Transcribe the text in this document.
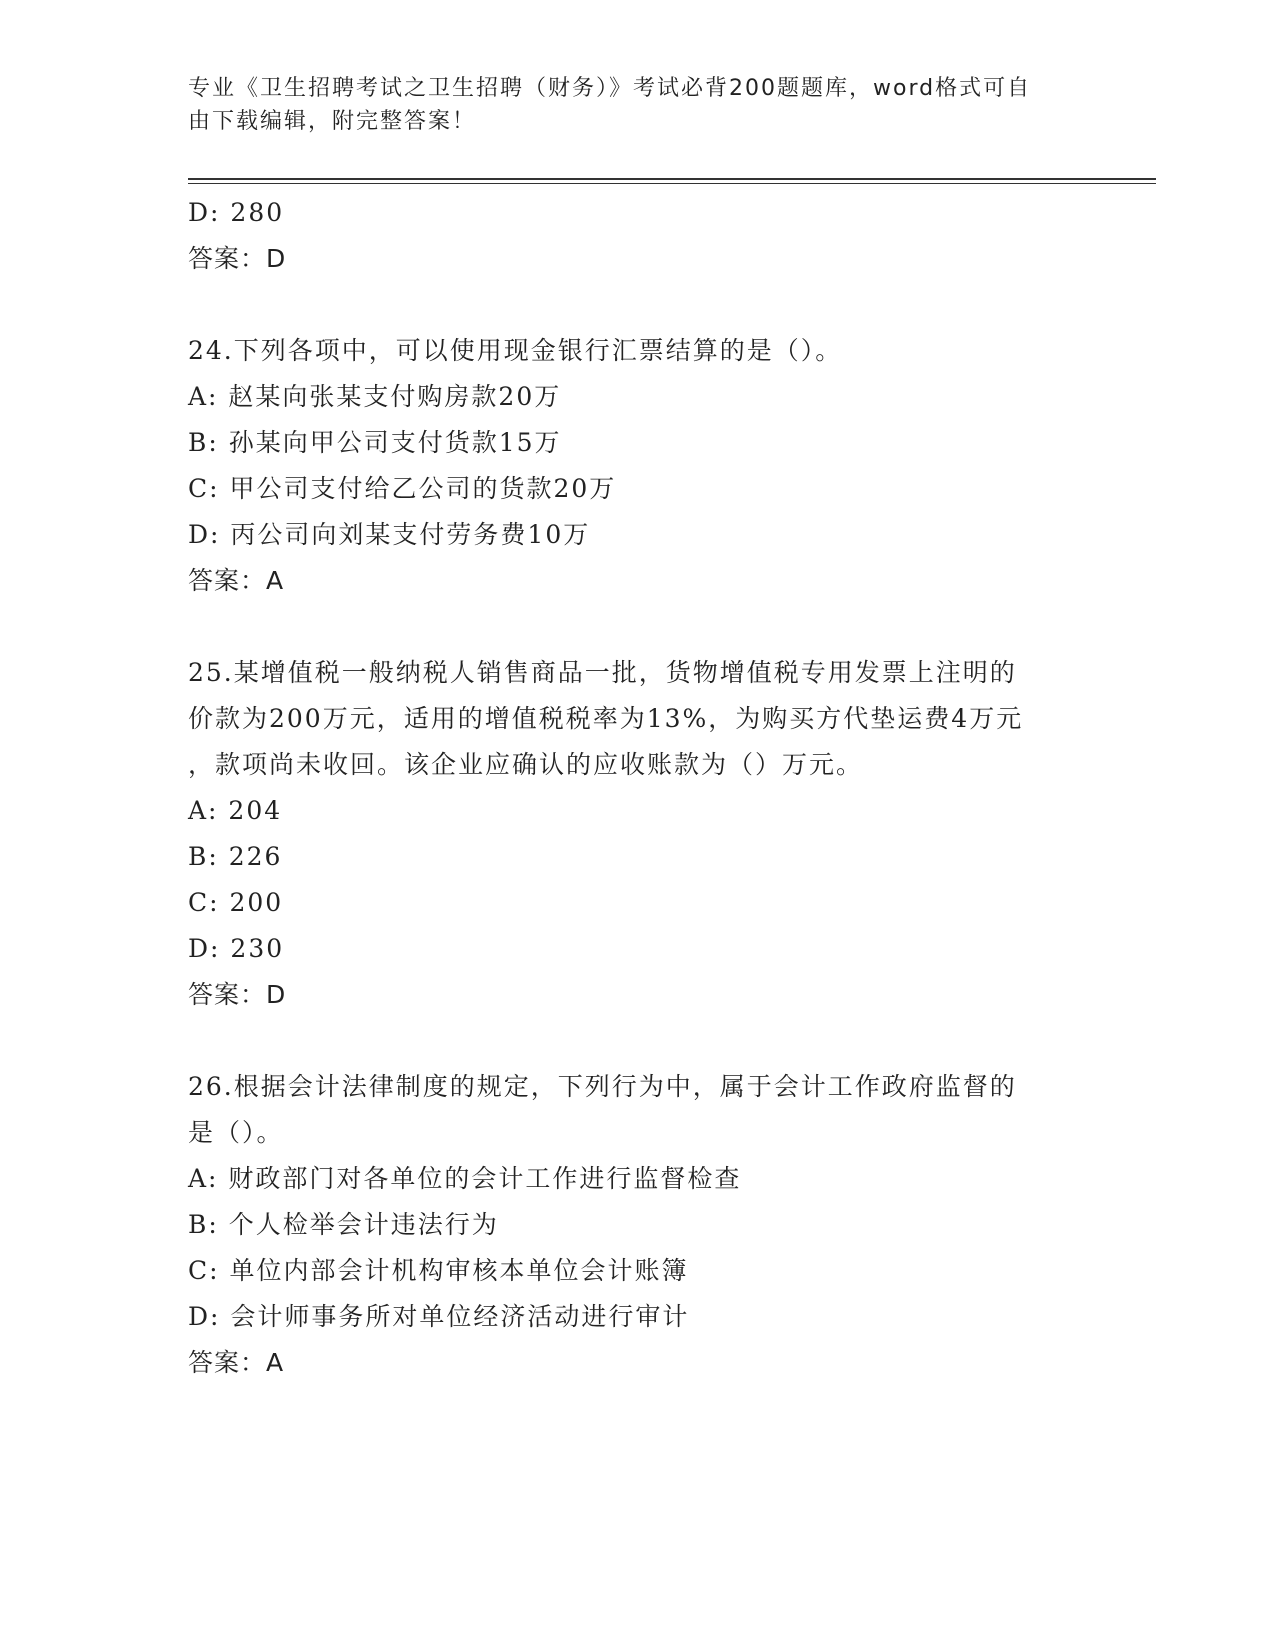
专业《卫生招聘考试之卫生招聘（财务）》考试必背200题题库，word格式可自
由下载编辑，附完整答案！
D: 280
答案：D
24.下列各项中，可以使用现金银行汇票结算的是（）。
A: 赵某向张某支付购房款20万
B: 孙某向甲公司支付货款15万
C: 甲公司支付给乙公司的货款20万
D: 丙公司向刘某支付劳务费10万
答案：A
25.某增值税一般纳税人销售商品一批，货物增值税专用发票上注明的
价款为200万元，适用的增值税税率为13%，为购买方代垫运费4万元
，款项尚未收回。该企业应确认的应收账款为（）万元。
A: 204
B: 226
C: 200
D: 230
答案：D
26.根据会计法律制度的规定，下列行为中，属于会计工作政府监督的
是（）。
A: 财政部门对各单位的会计工作进行监督检查
B: 个人检举会计违法行为
C: 单位内部会计机构审核本单位会计账簿
D: 会计师事务所对单位经济活动进行审计
答案：A
